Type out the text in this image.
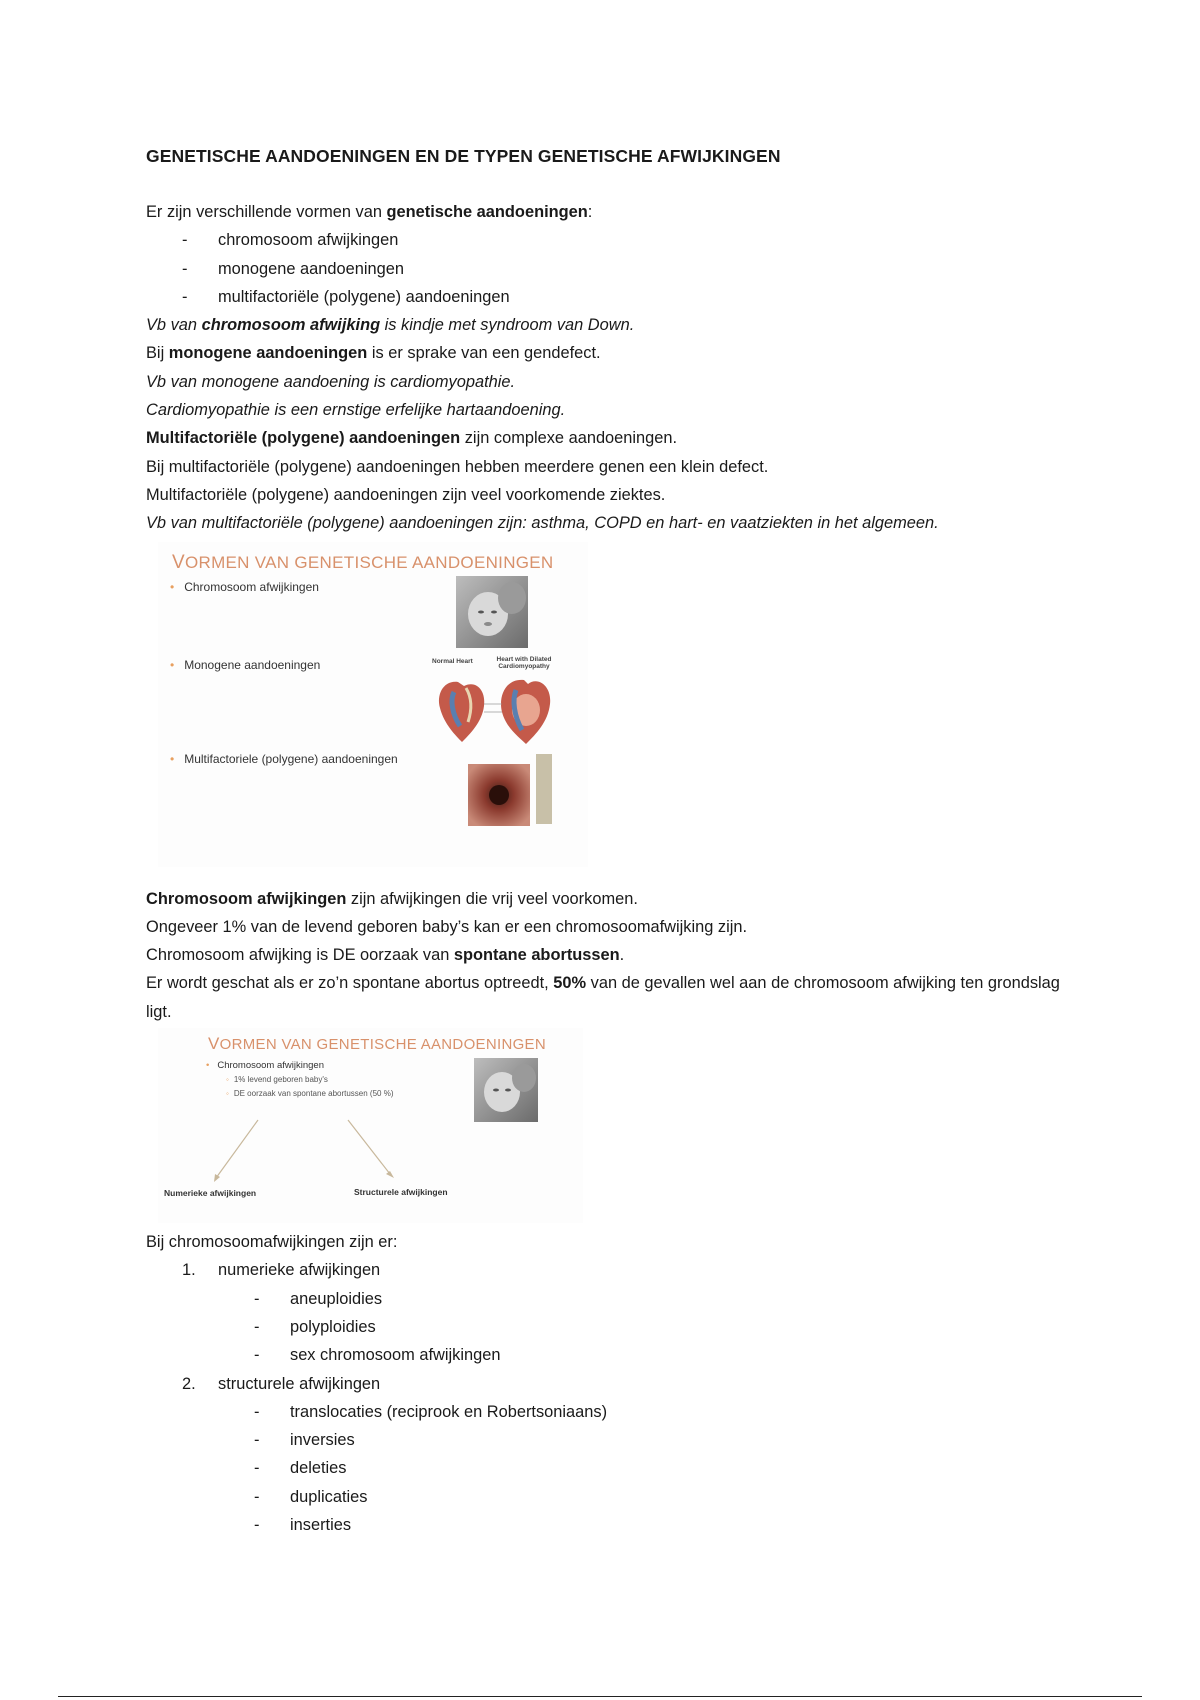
GENETISCHE AANDOENINGEN EN DE TYPEN GENETISCHE AFWIJKINGEN

Er zijn verschillende vormen van genetische aandoeningen:

- chromosoom afwijkingen
- monogene aandoeningen
- multifactoriële (polygene) aandoeningen

Vb van chromosoom afwijking is kindje met syndroom van Down.

Bij monogene aandoeningen is er sprake van een gendefect.

Vb van monogene aandoening is cardiomyopathie.

Cardiomyopathie is een ernstige erfelijke hartaandoening.

Multifactoriële (polygene) aandoeningen zijn complexe aandoeningen.

Bij multifactoriële (polygene) aandoeningen hebben meerdere genen een klein defect.

Multifactoriële (polygene) aandoeningen zijn veel voorkomende ziektes.

Vb van multifactoriële (polygene) aandoeningen zijn: asthma, COPD en hart- en vaatziekten in het algemeen.

VORMEN VAN GENETISCHE AANDOENINGEN
• Chromosoom afwijkingen
• Monogene aandoeningen
• Multifactoriele (polygene) aandoeningen
Normal Heart	Heart with Dilated Cardiomyopathy

Chromosoom afwijkingen zijn afwijkingen die vrij veel voorkomen.

Ongeveer 1% van de levend geboren baby’s kan er een chromosoomafwijking zijn.

Chromosoom afwijking is DE oorzaak van spontane abortussen.

Er wordt geschat als er zo’n spontane abortus optreedt, 50% van de gevallen wel aan de chromosoom afwijking ten grondslag ligt.

VORMEN VAN GENETISCHE AANDOENINGEN
• Chromosoom afwijkingen
◦ 1% levend geboren baby's
◦ DE oorzaak van spontane abortussen (50 %)
Numerieke afwijkingen	Structurele afwijkingen

Bij chromosoomafwijkingen zijn er:

1. numerieke afwijkingen
- aneuploidies
- polyploidies
- sex chromosoom afwijkingen
2. structurele afwijkingen
- translocaties (reciprook en Robertsoniaans)
- inversies
- deleties
- duplicaties
- inserties
